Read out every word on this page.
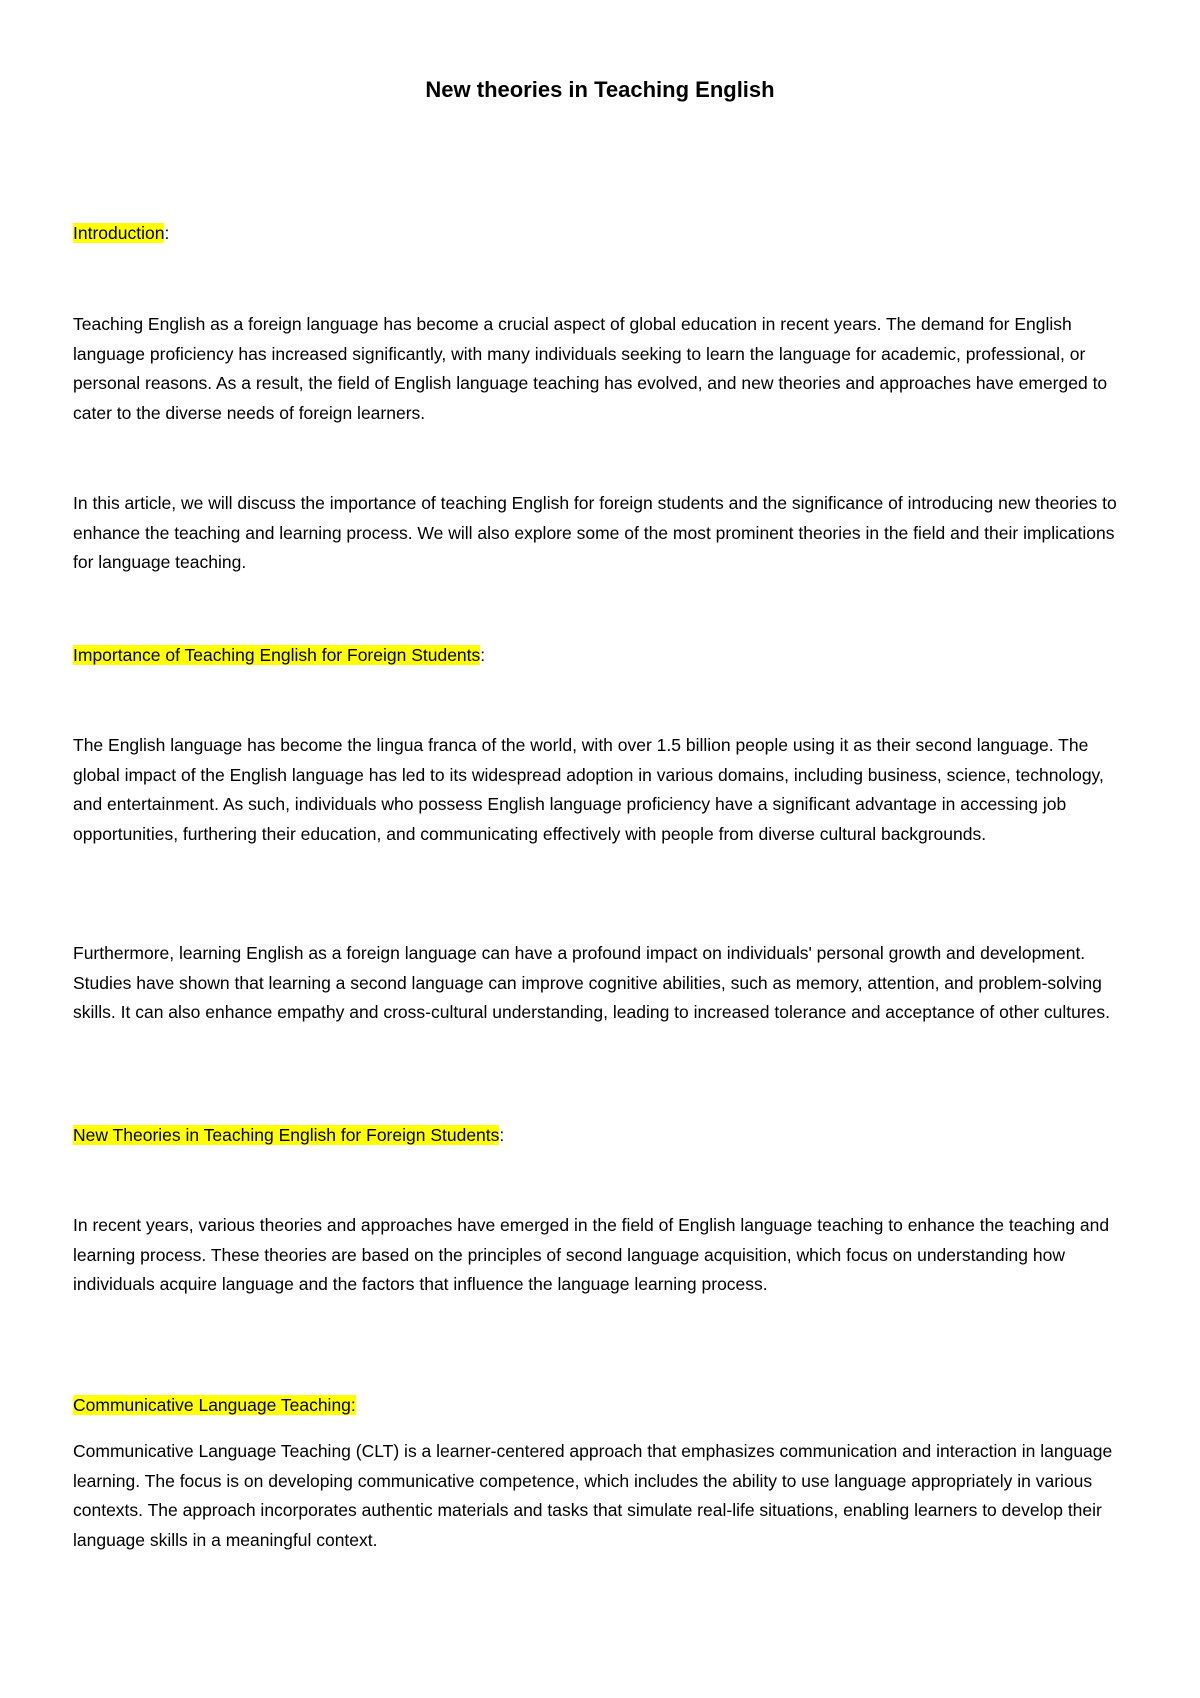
New theories in Teaching English
Introduction:
Teaching English as a foreign language has become a crucial aspect of global education in recent years. The demand for English language proficiency has increased significantly, with many individuals seeking to learn the language for academic, professional, or personal reasons. As a result, the field of English language teaching has evolved, and new theories and approaches have emerged to cater to the diverse needs of foreign learners.
In this article, we will discuss the importance of teaching English for foreign students and the significance of introducing new theories to enhance the teaching and learning process. We will also explore some of the most prominent theories in the field and their implications for language teaching.
Importance of Teaching English for Foreign Students:
The English language has become the lingua franca of the world, with over 1.5 billion people using it as their second language. The global impact of the English language has led to its widespread adoption in various domains, including business, science, technology, and entertainment. As such, individuals who possess English language proficiency have a significant advantage in accessing job opportunities, furthering their education, and communicating effectively with people from diverse cultural backgrounds.
Furthermore, learning English as a foreign language can have a profound impact on individuals' personal growth and development. Studies have shown that learning a second language can improve cognitive abilities, such as memory, attention, and problem-solving skills. It can also enhance empathy and cross-cultural understanding, leading to increased tolerance and acceptance of other cultures.
New Theories in Teaching English for Foreign Students:
In recent years, various theories and approaches have emerged in the field of English language teaching to enhance the teaching and learning process. These theories are based on the principles of second language acquisition, which focus on understanding how individuals acquire language and the factors that influence the language learning process.
Communicative Language Teaching:
Communicative Language Teaching (CLT) is a learner-centered approach that emphasizes communication and interaction in language learning. The focus is on developing communicative competence, which includes the ability to use language appropriately in various contexts. The approach incorporates authentic materials and tasks that simulate real-life situations, enabling learners to develop their language skills in a meaningful context.
